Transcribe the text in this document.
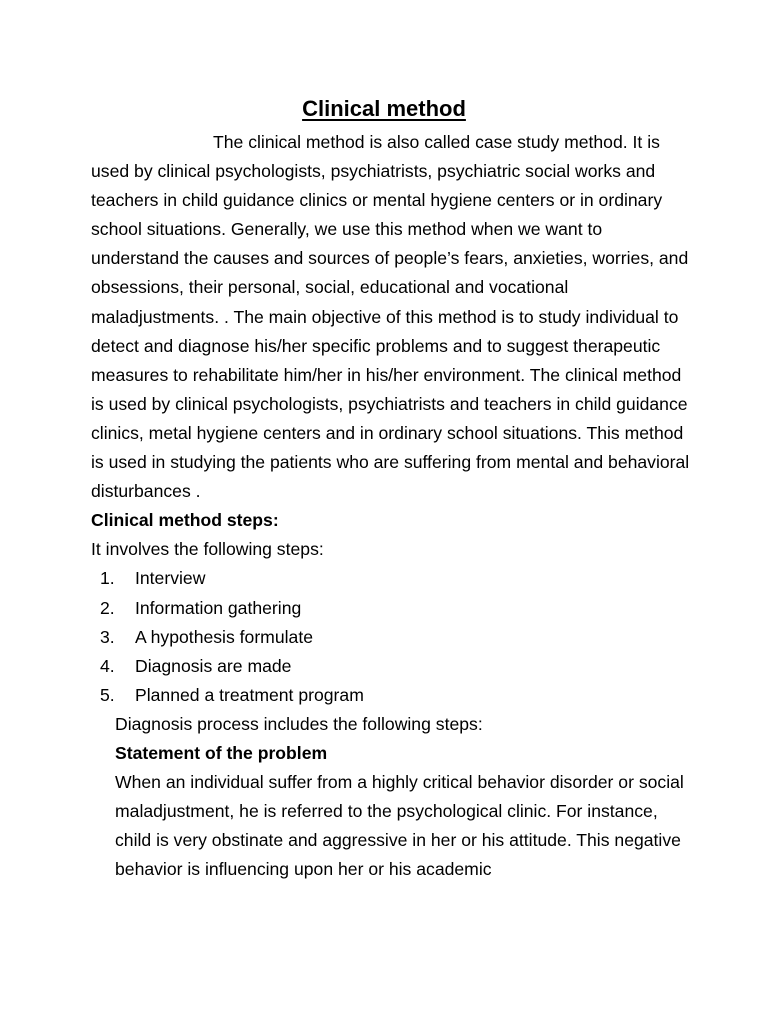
Clinical method

The clinical method is also called case study method. It is used by clinical psychologists, psychiatrists, psychiatric social works and teachers in child guidance clinics or mental hygiene centers or in ordinary school situations. Generally, we use this method when we want to understand the causes and sources of people’s fears, anxieties, worries, and obsessions, their personal, social, educational and vocational maladjustments. . The main objective of this method is to study individual to detect and diagnose his/her specific problems and to suggest therapeutic measures to rehabilitate him/her in his/her environment. The clinical method is used by clinical psychologists, psychiatrists and teachers in child guidance clinics, metal hygiene centers and in ordinary school situations. This method is used in studying the patients who are suffering from mental and behavioral disturbances .

Clinical method steps:

It involves the following steps:

1.	Interview
2.	Information gathering
3.	A hypothesis formulate
4.	Diagnosis are made
5.	Planned a treatment program

Diagnosis process includes the following steps:

Statement of the problem

When an individual suffer from a highly critical behavior disorder or social maladjustment, he is referred to the psychological clinic. For instance, child is very obstinate and aggressive in her or his attitude. This negative behavior is influencing upon her or his academic
